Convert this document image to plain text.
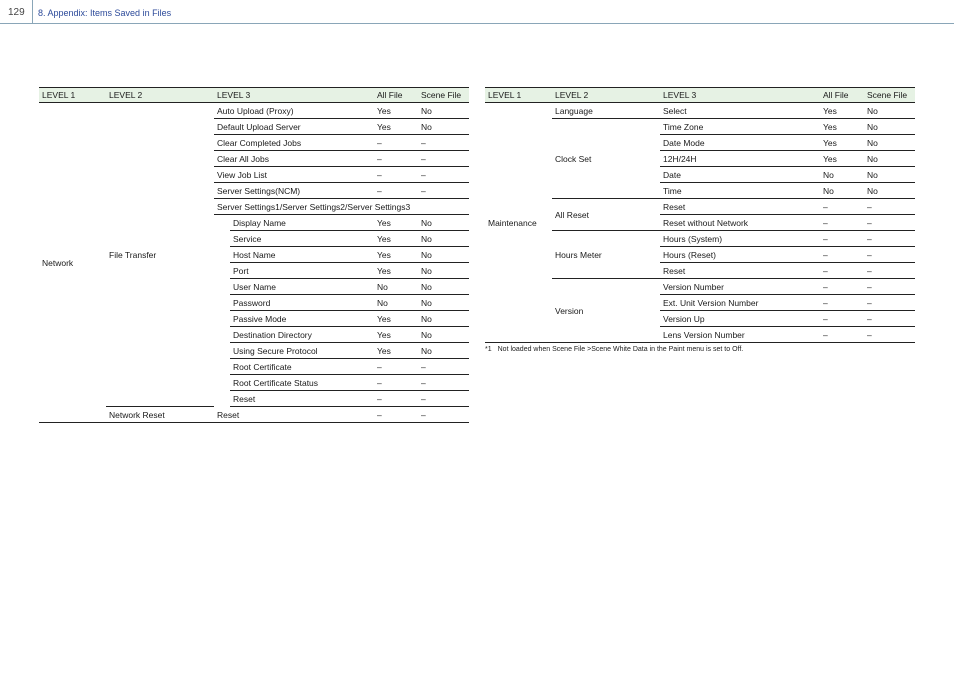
129 8. Appendix: Items Saved in Files
LEVEL 1	LEVEL 2	LEVEL 3		All File	Scene File
Network	File Transfer	Auto Upload (Proxy)		Yes	No
		Default Upload Server		Yes	No
		Clear Completed Jobs		–	–
		Clear All Jobs		–	–
		View Job List		–	–
		Server Settings(NCM)		–	–
		Server Settings1/Server Settings2/Server Settings3			
			Display Name	Yes	No
			Service	Yes	No
			Host Name	Yes	No
			Port	Yes	No
			User Name	No	No
			Password	No	No
			Passive Mode	Yes	No
			Destination Directory	Yes	No
			Using Secure Protocol	Yes	No
			Root Certificate	–	–
			Root Certificate Status	–	–
			Reset	–	–
	Network Reset	Reset		–	–
LEVEL 1	LEVEL 2	LEVEL 3	All File	Scene File
Maintenance	Language	Select	Yes	No
	Clock Set	Time Zone	Yes	No
		Date Mode	Yes	No
		12H/24H	Yes	No
		Date	No	No
		Time	No	No
	All Reset	Reset	–	–
		Reset without Network	–	–
	Hours Meter	Hours (System)	–	–
		Hours (Reset)	–	–
		Reset	–	–
	Version	Version Number	–	–
		Ext. Unit Version Number	–	–
		Version Up	–	–
		Lens Version Number	–	–
*1 Not loaded when Scene File >Scene White Data in the Paint menu is set to Off.
